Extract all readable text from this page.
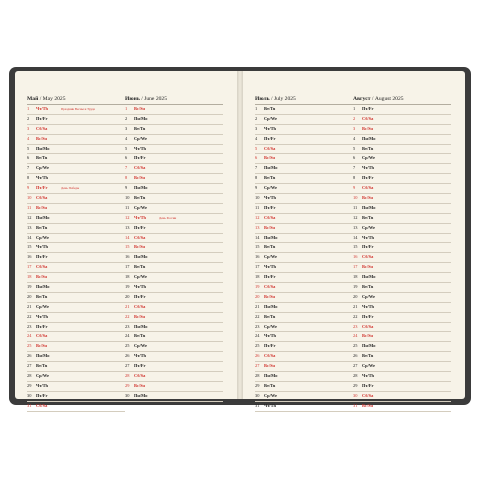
Май / May 2025
1 Чт/Th	Праздник Весны и Труда
2 Пт/Fr
3 Сб/Sa
4 Вс/Su
5 Пн/Mo
6 Вт/Tu
7 Ср/We
8 Чт/Th
9 Пт/Fr	День Победы
10 Сб/Sa
11 Вс/Su
12 Пн/Mo
13 Вт/Tu
14 Ср/We
15 Чт/Th
16 Пт/Fr
17 Сб/Sa
18 Вс/Su
19 Пн/Mo
20 Вт/Tu
21 Ср/We
22 Чт/Th
23 Пт/Fr
24 Сб/Sa
25 Вс/Su
26 Пн/Mo
27 Вт/Tu
28 Ср/We
29 Чт/Th
30 Пт/Fr
31 Сб/Sa
Июнь / June 2025
1 Вс/Su
2 Пн/Mo
3 Вт/Tu
4 Ср/We
5 Чт/Th
6 Пт/Fr
7 Сб/Sa
8 Вс/Su
9 Пн/Mo
10 Вт/Tu
11 Ср/We
12 Чт/Th	День России
13 Пт/Fr
14 Сб/Sa
15 Вс/Su
16 Пн/Mo
17 Вт/Tu
18 Ср/We
19 Чт/Th
20 Пт/Fr
21 Сб/Sa
22 Вс/Su
23 Пн/Mo
24 Вт/Tu
25 Ср/We
26 Чт/Th
27 Пт/Fr
28 Сб/Sa
29 Вс/Su
30 Пн/Mo
Июль / July 2025
1 Вт/Tu
2 Ср/We
3 Чт/Th
4 Пт/Fr
5 Сб/Sa
6 Вс/Su
7 Пн/Mo
8 Вт/Tu
9 Ср/We
10 Чт/Th
11 Пт/Fr
12 Сб/Sa
13 Вс/Su
14 Пн/Mo
15 Вт/Tu
16 Ср/We
17 Чт/Th
18 Пт/Fr
19 Сб/Sa
20 Вс/Su
21 Пн/Mo
22 Вт/Tu
23 Ср/We
24 Чт/Th
25 Пт/Fr
26 Сб/Sa
27 Вс/Su
28 Пн/Mo
29 Вт/Tu
30 Ср/We
31 Чт/Th
Август / August 2025
1 Пт/Fr
2 Сб/Sa
3 Вс/Su
4 Пн/Mo
5 Вт/Tu
6 Ср/We
7 Чт/Th
8 Пт/Fr
9 Сб/Sa
10 Вс/Su
11 Пн/Mo
12 Вт/Tu
13 Ср/We
14 Чт/Th
15 Пт/Fr
16 Сб/Sa
17 Вс/Su
18 Пн/Mo
19 Вт/Tu
20 Ср/We
21 Чт/Th
22 Пт/Fr
23 Сб/Sa
24 Вс/Su
25 Пн/Mo
26 Вт/Tu
27 Ср/We
28 Чт/Th
29 Пт/Fr
30 Сб/Sa
31 Вс/Su
